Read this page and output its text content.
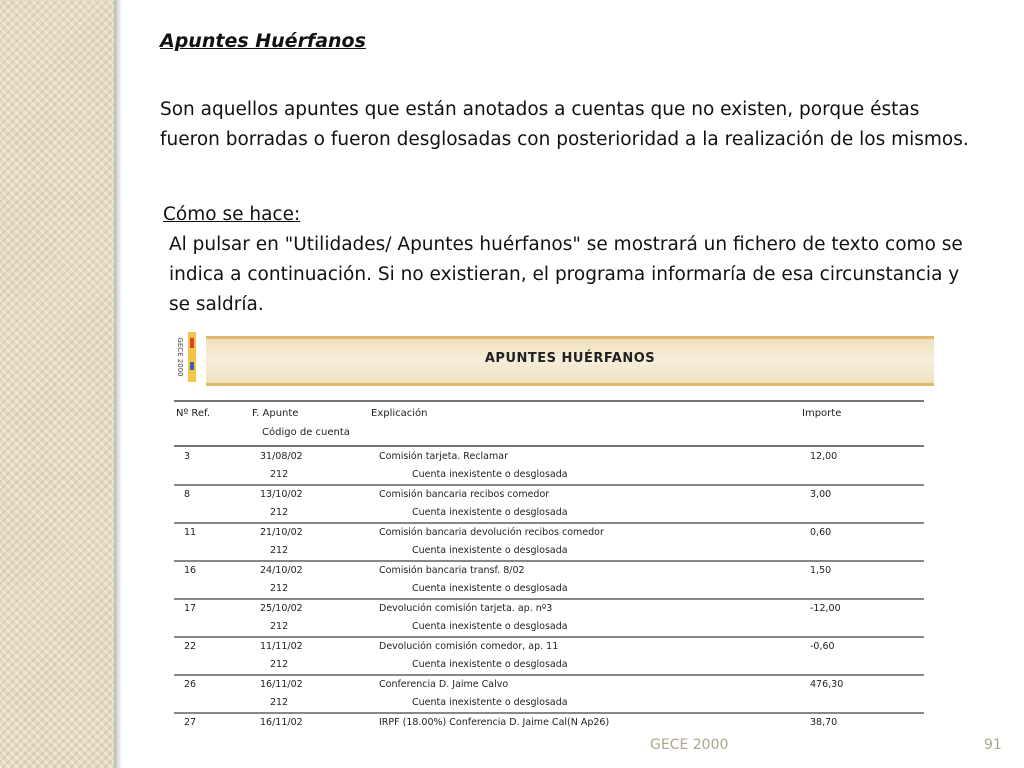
Apuntes Huérfanos
Son aquellos apuntes que están anotados a cuentas que no existen, porque éstas fueron borradas o fueron desglosadas con posterioridad a la realización de los mismos.
Cómo se hace:
Al pulsar en "Utilidades/ Apuntes huérfanos" se mostrará un fichero de texto como se indica a continuación. Si no existieran, el programa informaría de esa circunstancia y se saldría.
GECE 2000	APUNTES HUÉRFANOS
Nº Ref.	F. Apunte
Código de cuenta
Explicación	Importe
3	31/08/02	Comisión tarjeta. Reclamar	12,00
212	Cuenta inexistente o desglosada
8	13/10/02	Comisión bancaria recibos comedor	3,00
212	Cuenta inexistente o desglosada
11	21/10/02	Comisión bancaria devolución recibos comedor	0,60
212	Cuenta inexistente o desglosada
16	24/10/02	Comisión bancaria transf. 8/02	1,50
212	Cuenta inexistente o desglosada
17	25/10/02	Devolución comisión tarjeta. ap. nº3	-12,00
212	Cuenta inexistente o desglosada
22	11/11/02	Devolución comisión comedor, ap. 11	-0,60
212	Cuenta inexistente o desglosada
26	16/11/02	Conferencia D. Jaime Calvo	476,30
212	Cuenta inexistente o desglosada
27	16/11/02	IRPF (18.00%) Conferencia D. Jaime Cal(N Ap26)	38,70
GECE 2000	91
